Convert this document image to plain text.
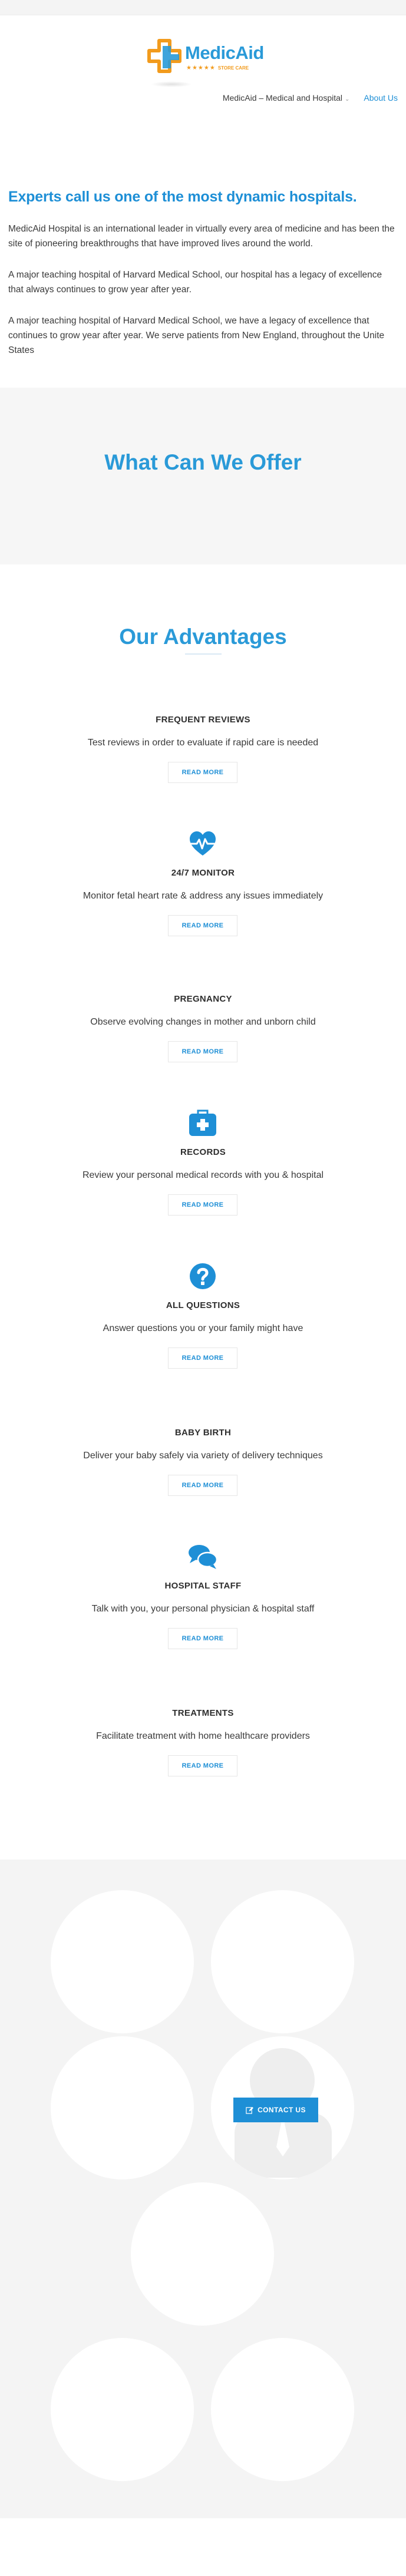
MedicAid
★★★★★ STORE CARE
MedicAid – Medical and Hospital ⌄ About Us
Experts call us one of the most dynamic hospitals.

MedicAid Hospital is an international leader in virtually every area of medicine and has been the site of pioneering breakthroughs that have improved lives around the world.

A major teaching hospital of Harvard Medical School, our hospital has a legacy of excellence that always continues to grow year after year.

A major teaching hospital of Harvard Medical School, we have a legacy of excellence that continues to grow year after year. We serve patients from New England, throughout the Unite States

What Can We Offer
Our Advantages
FREQUENT REVIEWS
Test reviews in order to evaluate if rapid care is needed
READ MORE
24/7 MONITOR
Monitor fetal heart rate & address any issues immediately
READ MORE
PREGNANCY
Observe evolving changes in mother and unborn child
READ MORE
RECORDS
Review your personal medical records with you & hospital
READ MORE
ALL QUESTIONS
Answer questions you or your family might have
READ MORE
BABY BIRTH
Deliver your baby safely via variety of delivery techniques
READ MORE
HOSPITAL STAFF
Talk with you, your personal physician & hospital staff
READ MORE
TREATMENTS
Facilitate treatment with home healthcare providers
READ MORE
CONTACT US
